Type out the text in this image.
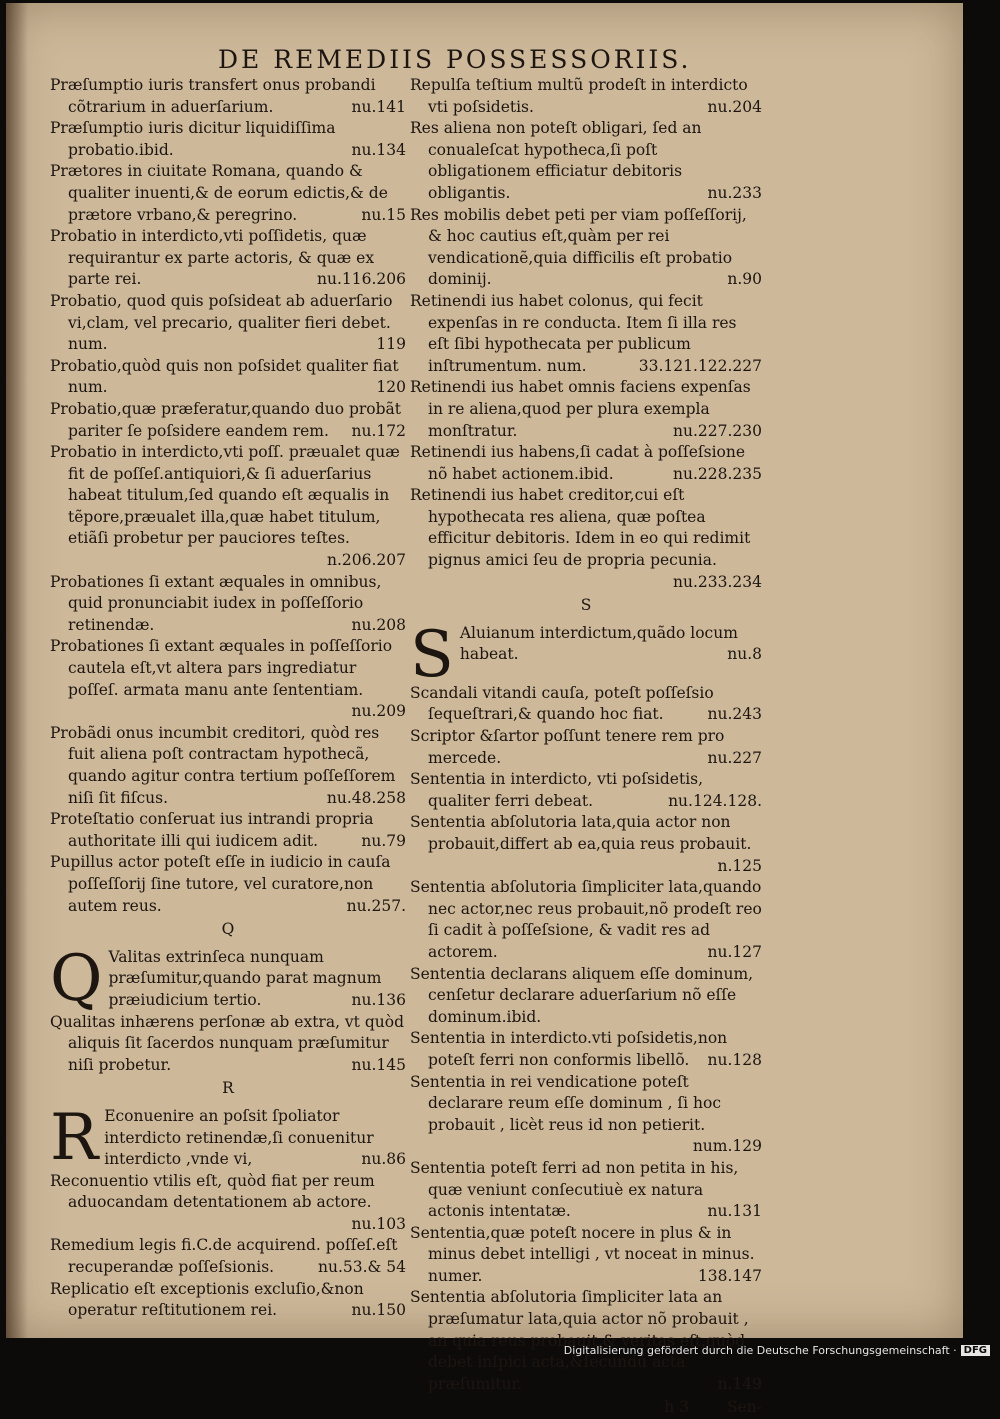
DE REMEDIIS POSSESSORIIS.

Præſumptio iuris transfert onus probandi cõtrarium in aduerſarium.	nu.141

Præſumptio iuris dicitur liquidiſſima probatio.ibid.	nu.134

Prætores in ciuitate Romana, quando & qualiter inuenti,& de eorum edictis,& de prætore vrbano,& peregrino.	nu.15

Probatio in interdicto,vti poſſidetis, quæ requirantur ex parte actoris, & quæ ex parte rei.	nu.116.206

Probatio, quod quis poſsideat ab aduerſario vi,clam, vel precario, qualiter fieri debet. num.	119

Probatio,quòd quis non poſsidet qualiter fiat num.	120

Probatio,quæ præferatur,quando duo probãt pariter ſe poſsidere eandem rem.	nu.172

Probatio in interdicto,vti poſſ. præualet quæ fit de poſſeſ.antiquiori,& ſi aduerſarius habeat titulum,ſed quando eſt æqualis in tẽpore,præualet illa,quæ habet titulum, etiãſi probetur per pauciores teſtes.
n.206.207

Probationes ſi extant æquales in omnibus, quid pronunciabit iudex in poſſeſſorio retinendæ.	nu.208

Probationes ſi extant æquales in poſſeſſorio cautela eſt,vt altera pars ingrediatur poſſeſ. armata manu ante ſententiam.
nu.209

Probãdi onus incumbit creditori, quòd res fuit aliena poſt contractam hypothecã, quando agitur contra tertium poſſeſſorem niſi ſit fiſcus.	nu.48.258

Proteſtatio conſeruat ius intrandi propria authoritate illi qui iudicem adit.	nu.79

Pupillus actor poteſt eſſe in iudicio in cauſa poſſeſſorij ſine tutore, vel curatore,non autem reus.	nu.257.

Q

Q Valitas extrinſeca nunquam præſumitur,quando parat magnum præiudicium tertio.	nu.136

Qualitas inhærens perſonæ ab extra, vt quòd aliquis ſit ſacerdos nunquam præſumitur niſi probetur.	nu.145

R

R Econuenire an poſsit ſpoliator interdicto retinendæ,ſi conuenitur interdicto ,vnde vi,	nu.86

Reconuentio vtilis eſt, quòd fiat per reum aduocandam detentationem ab actore.
nu.103

Remedium legis fi.C.de acquirend. poſſeſ.eſt recuperandæ poſſeſsionis.	nu.53.& 54

Replicatio eſt exceptionis excluſio,&non operatur reſtitutionem rei.	nu.150

Repulſa teſtium multũ prodeſt in interdicto vti poſsidetis.	nu.204

Res aliena non poteſt obligari, ſed an conualeſcat hypotheca,ſi poſt obligationem efficiatur debitoris obligantis.	nu.233

Res mobilis debet peti per viam poſſeſſorij, & hoc cautius eſt,quàm per rei vendicationẽ,quia difficilis eſt probatio dominij.	n.90

Retinendi ius habet colonus, qui fecit expenſas in re conducta. Item ſi illa res eſt ſibi hypothecata per publicum inſtrumentum. num.	33.121.122.227

Retinendi ius habet omnis faciens expenſas in re aliena,quod per plura exempla monſtratur.	nu.227.230

Retinendi ius habens,ſi cadat à poſſeſsione nõ habet actionem.ibid.	nu.228.235

Retinendi ius habet creditor,cui eſt hypothecata res aliena, quæ poſtea efficitur debitoris. Idem in eo qui redimit pignus amici ſeu de propria pecunia.
nu.233.234

S

S Aluianum interdictum,quãdo locum habeat.	nu.8

Scandali vitandi cauſa, poteſt poſſeſsio ſequeſtrari,& quando hoc fiat.	nu.243

Scriptor &ſartor poſſunt tenere rem pro mercede.	nu.227

Sententia in interdicto, vti poſsidetis, qualiter ferri debeat.	nu.124.128.

Sententia abſolutoria lata,quia actor non probauit,differt ab ea,quia reus probauit.
n.125

Sententia abſolutoria ſimpliciter lata,quando nec actor,nec reus probauit,nõ prodeſt reo ſi cadit à poſſeſsione, & vadit res ad actorem.	nu.127

Sententia declarans aliquem eſſe dominum, cenſetur declarare aduerſarium nõ eſſe dominum.ibid.

Sententia in interdicto.vti poſsidetis,non poteſt ferri non conformis libellõ.	nu.128

Sententia in rei vendicatione poteſt declarare reum eſſe dominum , ſi hoc probauit , licèt reus id non petierit.
num.129

Sententia poteſt ferri ad non petita in his, quæ veniunt conſecutiuè ex natura actonis intentatæ.	nu.131

Sententia,quæ poteſt nocere in plus & in minus debet intelligi , vt noceat in minus. numer.	138.147

Sententia abſolutoria ſimpliciter lata an præſumatur lata,quia actor nõ probauit , an quia reus probauit,& veritas eſt,quòd debet inſpici acta,&ſecundũ acta præſumitur.	n.149

Sen-
h 3
Digitalisierung gefördert durch die Deutsche Forschungsgemeinschaft · DFG
